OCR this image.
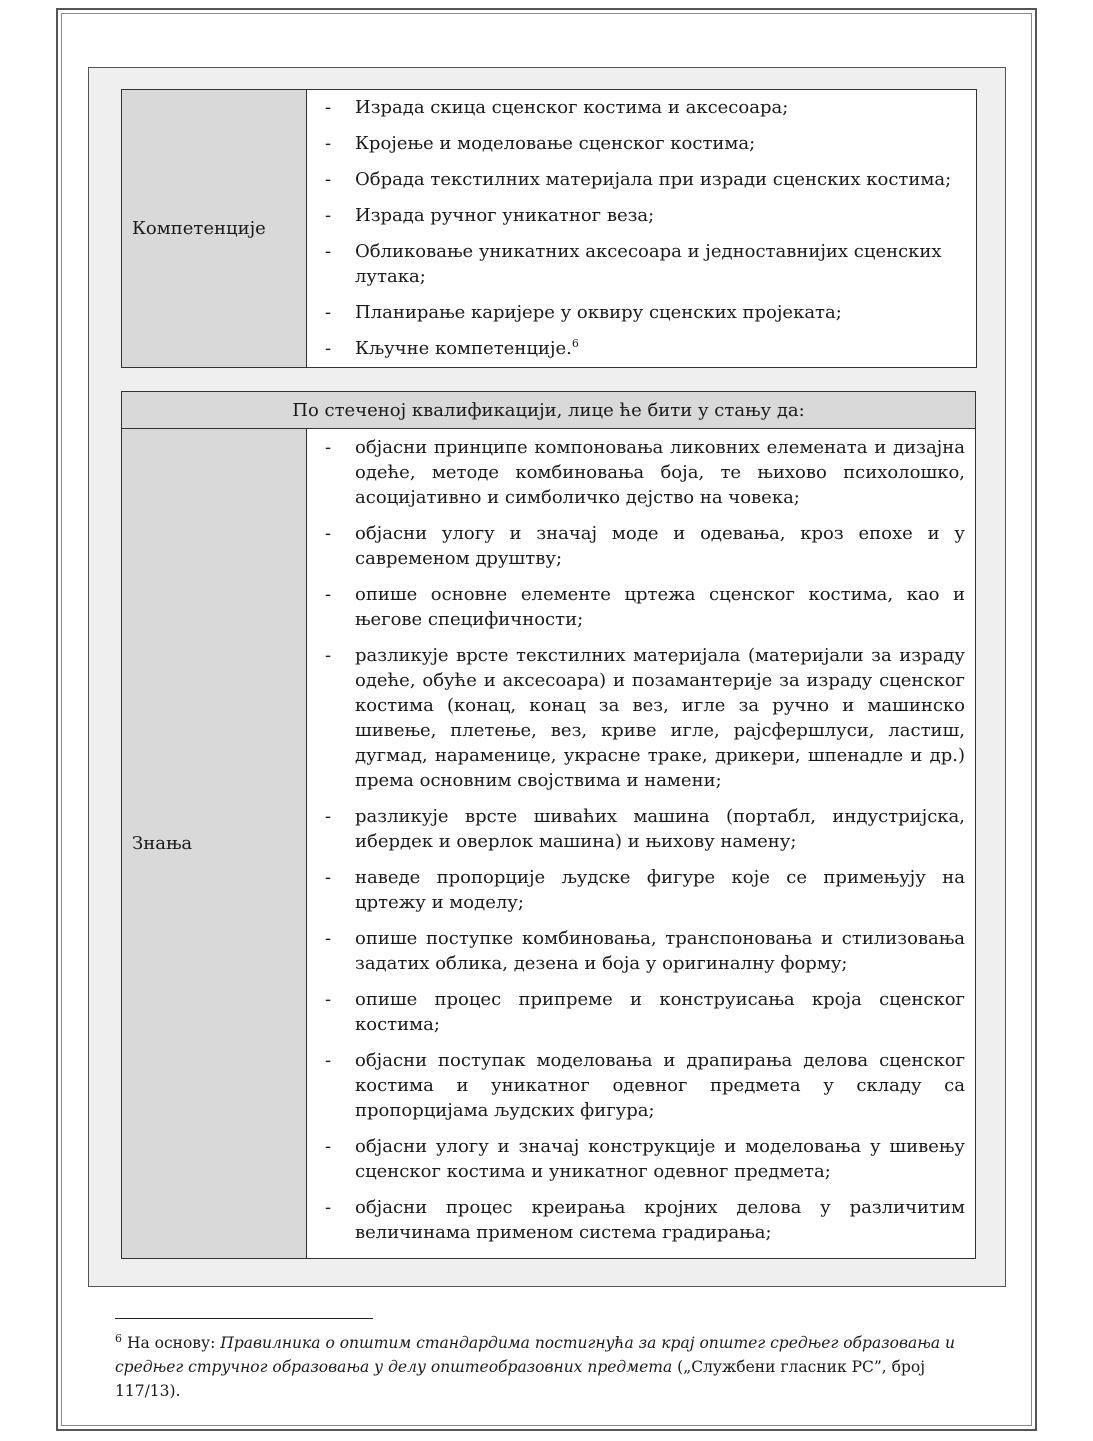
Компетенције	
- Израда скица сценског костима и аксесоара;
- Кројење и моделовање сценског костима;
- Обрада текстилних материјала при изради сценских костима;
- Израда ручног уникатног веза;
- Обликовање уникатних аксесоара и једноставнијих сценских лутака;
- Планирање каријере у оквиру сценских пројеката;
- Кључне компетенције.$^6$
По стеченој квалификацији, лице ће бити у стању да:
Знања	
- објасни принципе компоновања ликовних елемената и дизајна одеће, методе комбиновања боја, те њихово психолошко, асоцијативно и симболичко дејство на човека;
- објасни улогу и значај моде и одевања, кроз епохе и у савременом друштву;
- опише основне елементе цртежа сценског костима, као и његове специфичности;
- разликује врсте текстилних материјала (материјали за израду одеће, обуће и аксесоара) и позамантерије за израду сценског костима (конац, конац за вез, игле за ручно и машинско шивење, плетење, вез, криве игле, рајсфершлуси, ластиш, дугмад, нараменице, украсне траке, дрикери, шпенадле и др.) према основним својствима и намени;
- разликује врсте шиваћих машина (портабл, индустријска, ибердек и оверлок машина) и њихову намену;
- наведе пропорције људске фигуре које се примењују на цртежу и моделу;
- опише поступке комбиновања, транспоновања и стилизовања задатих облика, дезена и боја у оригиналну форму;
- опише процес припреме и конструисања кроја сценског костима;
- објасни поступак моделовања и драпирања делова сценског костима и уникатног одевног предмета у складу са пропорцијама људских фигура;
- објасни улогу и значај конструкције и моделовања у шивењу сценског костима и уникатног одевног предмета;
- објасни процес креирања кројних делова у различитим величинама применом система градирања;
$^6$ На основу: Правилника о општим стандардима постигнућа за крај општег средњег образовања и средњег стручног образовања у делу општеобразовних предмета („Службени гласник РС”, број 117/13).
